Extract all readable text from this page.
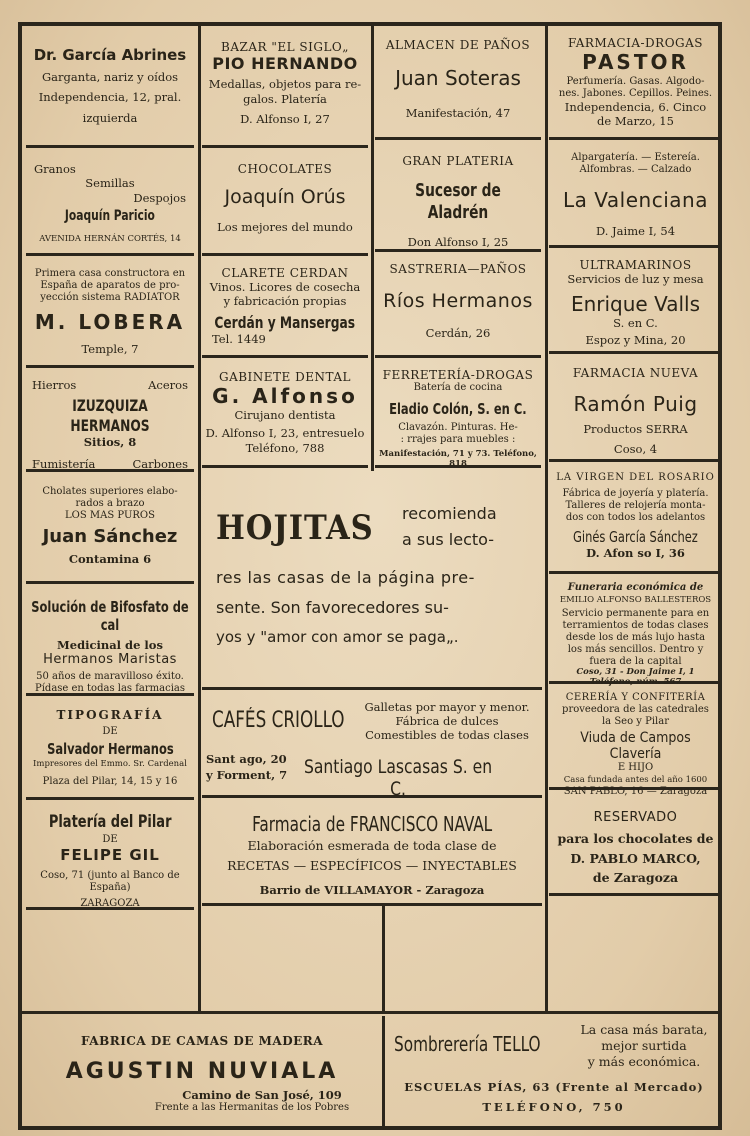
Dr. García Abrines
Garganta, nariz y oídos
Independencia, 12, pral.
izquierda
Granos
Semillas
Despojos
Joaquín Paricio
AVENIDA HERNÁN CORTÉS, 14
Primera casa constructora en
España de aparatos de pro-
yección sistema RADIATOR
M. LOBERA
Temple, 7
Hierros	Aceros
IZUZQUIZA HERMANOS
Sitios, 8
Fumistería	Carbones
Cholates superiores elabo-
rados a brazo
LOS MAS PUROS
Juan Sánchez
Contamina 6
Solución de Bifosfato de cal
Medicinal de los
Hermanos Maristas
50 años de maravilloso éxito.
Pídase en todas las farmacias
TIPOGRAFÍA
DE
Salvador Hermanos
Impresores del Emmo. Sr. Cardenal
Plaza del Pilar, 14, 15 y 16
Platería del Pilar
DE
FELIPE GIL
Coso, 71 (junto al Banco de España)
ZARAGOZA
BAZAR "EL SIGLO„
PIO HERNANDO
Medallas, objetos para re-
galos. Platería
D. Alfonso I, 27
CHOCOLATES
Joaquín Orús
Los mejores del mundo
CLARETE CERDAN
Vinos. Licores de cosecha
y fabricación propias
Cerdán y Mansergas
Tel. 1449
GABINETE DENTAL
G. Alfonso
Cirujano dentista
D. Alfonso I, 23, entresuelo
Teléfono, 788
ALMACEN DE PAÑOS
Juan Soteras
Manifestación, 47
GRAN PLATERIA
Sucesor de Aladrén
Don Alfonso I, 25
SASTRERIA—PAÑOS
Ríos Hermanos
Cerdán, 26
FERRETERÍA-DROGAS
Batería de cocina
Eladio Colón, S. en C.
Clavazón. Pinturas. He-
: rrajes para muebles :
Manifestación, 71 y 73. Teléfono, 818
HOJITAS recomienda
a sus lecto-
res las casas de la página pre-
sente. Son favorecedores su-
yos y "amor con amor se paga„.
CAFÉS CRIOLLO
Galletas por mayor y menor.
Fábrica de dulces
Comestibles de todas clases
Sant ago, 20
y Forment, 7 Santiago Lascasas S. en C.
Farmacia de FRANCISCO NAVAL
Elaboración esmerada de toda clase de
RECETAS — ESPECÍFICOS — INYECTABLES
Barrio de VILLAMAYOR - Zaragoza
FARMACIA-DROGAS
PASTOR
Perfumería. Gasas. Algodo-
nes. Jabones. Cepillos. Peines.
Independencia, 6. Cinco
de Marzo, 15
Alpargatería. — Estereía.
Alfombras. — Calzado
La Valenciana
D. Jaime I, 54
ULTRAMARINOS
Servicios de luz y mesa
Enrique Valls
S. en C.
Espoz y Mina, 20
FARMACIA NUEVA
Ramón Puig
Productos SERRA
Coso, 4
LA VIRGEN DEL ROSARIO
Fábrica de joyería y platería.
Talleres de relojería monta-
dos con todos los adelantos
Ginés García Sánchez
D. Afon so I, 36
Funeraria económica de
EMILIO ALFONSO BALLESTEROS
Servicio permanente para en
terramientos de todas clases
desde los de más lujo hasta
los más sencillos. Dentro y
fuera de la capital
Coso, 31 - Don Jaime I, 1
Teléfono, núm. 567
CERERÍA Y CONFITERÍA
proveedora de las catedrales
la Seo y Pilar
Viuda de Campos Clavería
E HIJO
Casa fundada antes del año 1600
SAN PABLO, 16 — Zaragoza
RESERVADO
para los chocolates de
D. PABLO MARCO,
de Zaragoza
FABRICA DE CAMAS DE MADERA
AGUSTIN NUVIALA
Camino de San José, 109
Frente a las Hermanitas de los Pobres
Sombrerería TELLO
La casa más barata,
mejor surtida
y más económica.
ESCUELAS PÍAS, 63 (Frente al Mercado)
TELÉFONO, 750
